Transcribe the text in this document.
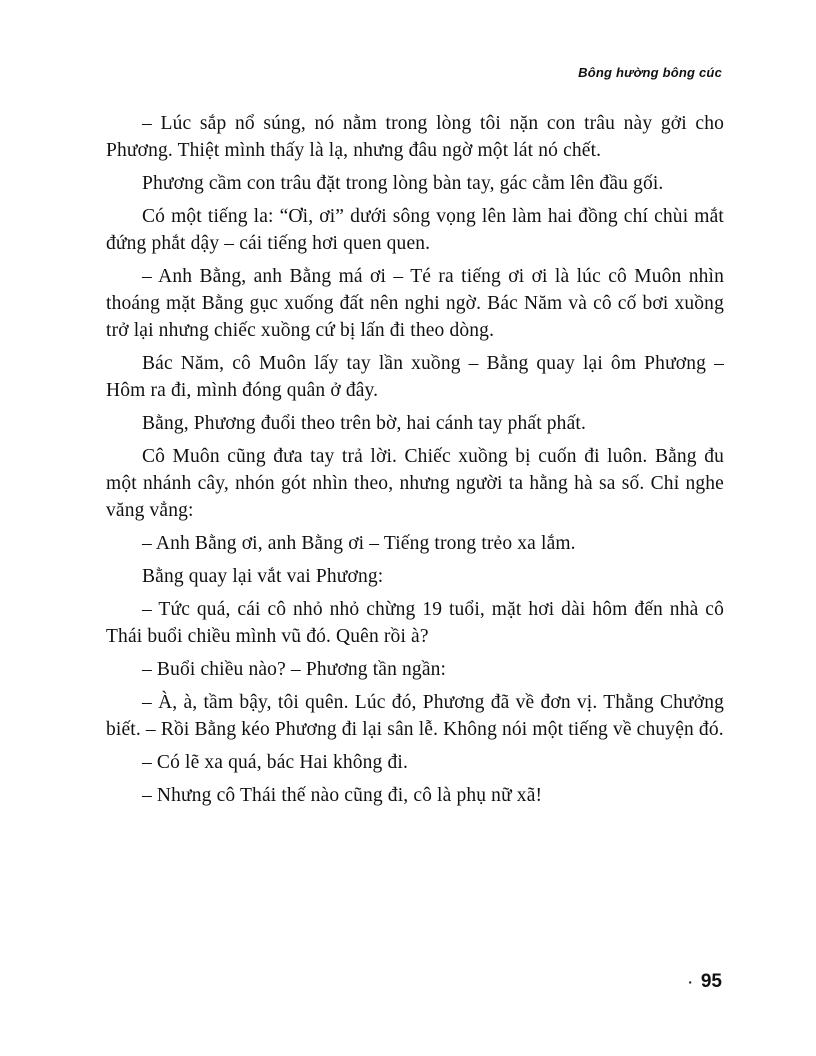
Bông hường bông cúc

– Lúc sắp nổ súng, nó nằm trong lòng tôi nặn con trâu này gởi cho Phương. Thiệt mình thấy là lạ, nhưng đâu ngờ một lát nó chết.

Phương cầm con trâu đặt trong lòng bàn tay, gác cằm lên đầu gối.

Có một tiếng la: “Ơi, ơi” dưới sông vọng lên làm hai đồng chí chùi mắt đứng phắt dậy – cái tiếng hơi quen quen.

– Anh Bằng, anh Bằng má ơi – Té ra tiếng ơi ơi là lúc cô Muôn nhìn thoáng mặt Bằng gục xuống đất nên nghi ngờ. Bác Năm và cô cố bơi xuồng trở lại nhưng chiếc xuồng cứ bị lấn đi theo dòng.

Bác Năm, cô Muôn lấy tay lần xuồng – Bằng quay lại ôm Phương – Hôm ra đi, mình đóng quân ở đây.

Bằng, Phương đuổi theo trên bờ, hai cánh tay phất phất.

Cô Muôn cũng đưa tay trả lời. Chiếc xuồng bị cuốn đi luôn. Bằng đu một nhánh cây, nhón gót nhìn theo, nhưng người ta hằng hà sa số. Chỉ nghe văng vẳng:

– Anh Bằng ơi, anh Bằng ơi – Tiếng trong trẻo xa lắm.

Bằng quay lại vắt vai Phương:

– Tức quá, cái cô nhỏ nhỏ chừng 19 tuổi, mặt hơi dài hôm đến nhà cô Thái buổi chiều mình vũ đó. Quên rồi à?

– Buổi chiều nào? – Phương tần ngần:

– À, à, tầm bậy, tôi quên. Lúc đó, Phương đã về đơn vị. Thằng Chưởng biết. – Rồi Bằng kéo Phương đi lại sân lễ. Không nói một tiếng về chuyện đó.

– Có lẽ xa quá, bác Hai không đi.

– Nhưng cô Thái thế nào cũng đi, cô là phụ nữ xã!

· 95
